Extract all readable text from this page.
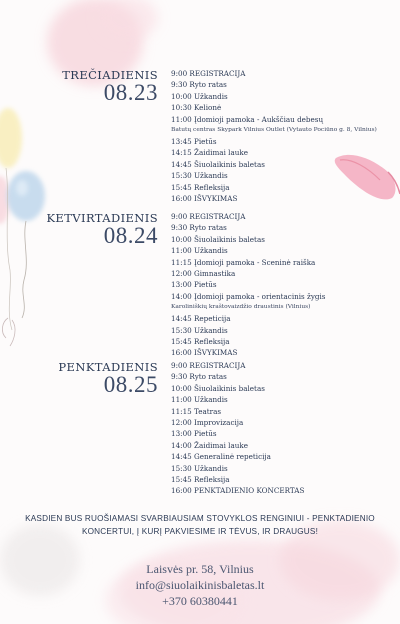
TREČIADIENIS
08.23
9:00 REGISTRACIJA
9:30 Ryto ratas
10:00 Užkandis
10:30 Kelionė
11:00 Įdomioji pamoka - Aukščiau debesų
Batutų centras Skypark Vilnius Outlet (Vytauto Pociūno g. 8, Vilnius)
13:45 Pietūs
14:15 Žaidimai lauke
14:45 Šiuolaikinis baletas
15:30 Užkandis
15:45 Refleksija
16:00 IŠVYKIMAS
KETVIRTADIENIS
08.24
9:00 REGISTRACIJA
9:30 Ryto ratas
10:00 Šiuolaikinis baletas
11:00 Užkandis
11:15 Įdomioji pamoka - Sceninė raiška
12:00 Gimnastika
13:00 Pietūs
14:00 Įdomioji pamoka - orientacinis žygis
Karoliniškių kraštovaizdžio draustinis (Vilnius)
14:45 Repeticija
15:30 Užkandis
15:45 Refleksija
16:00 IŠVYKIMAS
PENKTADIENIS
08.25
9:00 REGISTRACIJA
9:30 Ryto ratas
10:00 Šiuolaikinis baletas
11:00 Užkandis
11:15 Teatras
12:00 Improvizacija
13:00 Pietūs
14:00 Žaidimai lauke
14:45 Generalinė repeticija
15:30 Užkandis
15:45 Refleksija
16:00 PENKTADIENIO KONCERTAS
KASDIEN BUS RUOŠIAMASI SVARBIAUSIAM STOVYKLOS RENGINIUI - PENKTADIENIO KONCERTUI, Į KURĮ PAKVIESIME IR TĖVUS, IR DRAUGUS!
Laisvės pr. 58, Vilnius
info@siuolaikinisbaletas.lt
+370 60380441
